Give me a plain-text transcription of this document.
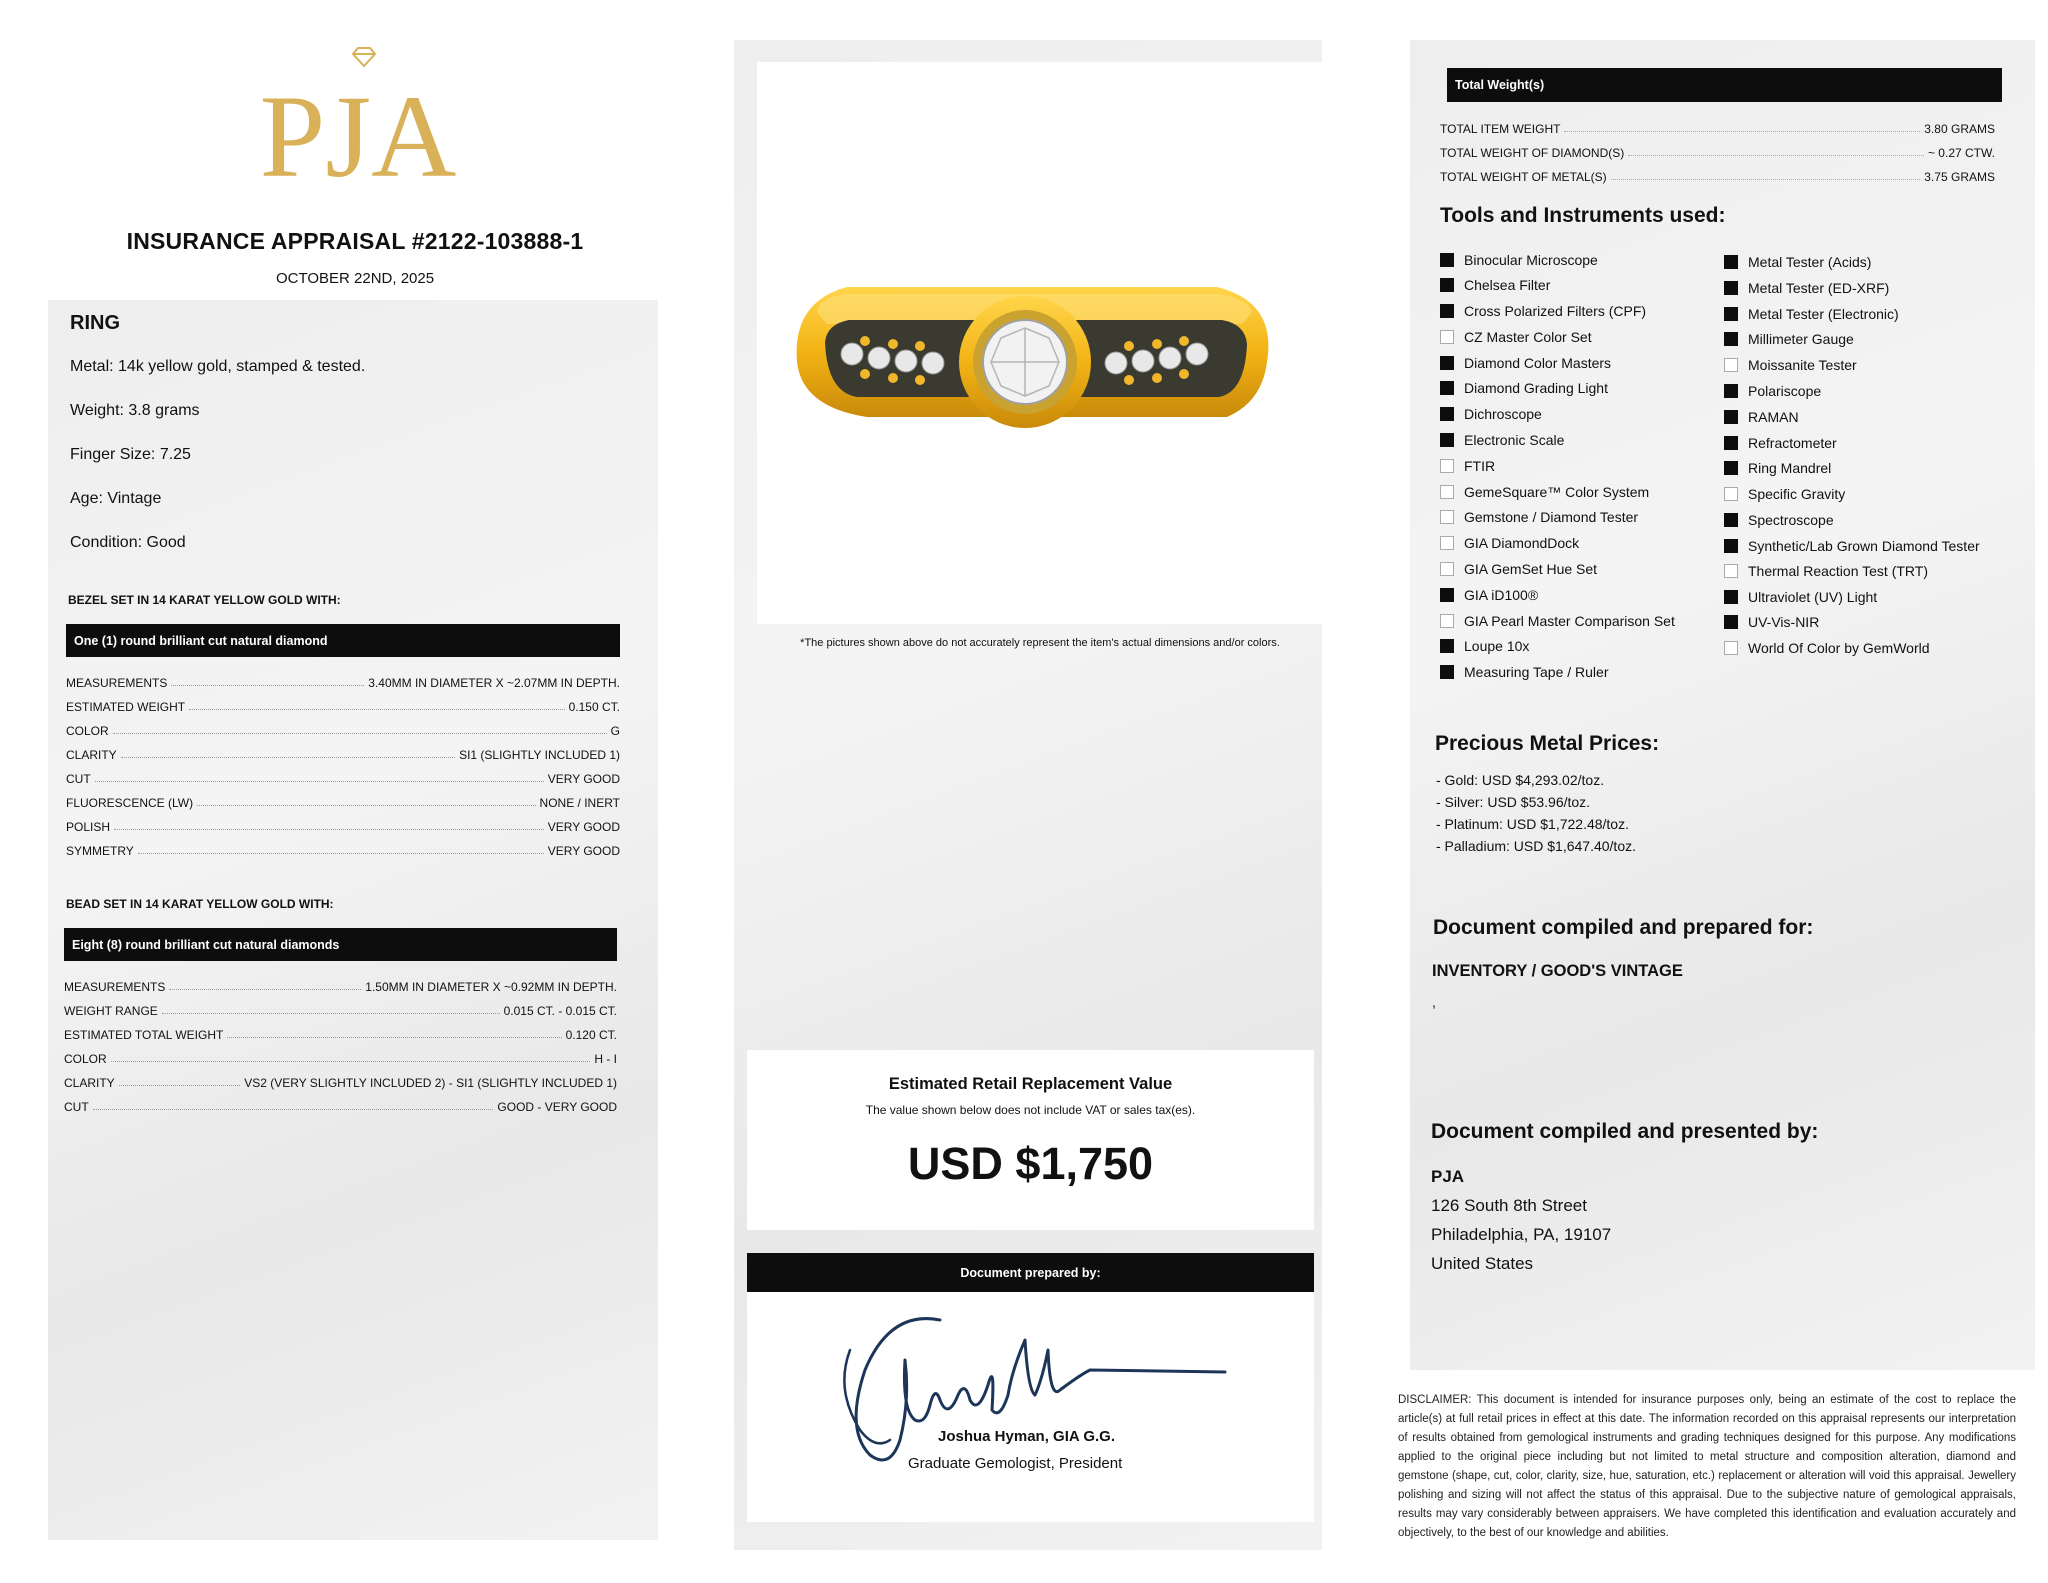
PJA
INSURANCE APPRAISAL #2122-103888-1
OCTOBER 22ND, 2025
RING
Metal: 14k yellow gold, stamped & tested.
Weight: 3.8 grams
Finger Size: 7.25
Age: Vintage
Condition: Good
BEZEL SET IN 14 KARAT YELLOW GOLD WITH:
One (1) round brilliant cut natural diamond
MEASUREMENTS	3.40MM IN DIAMETER X ~2.07MM IN DEPTH.
ESTIMATED WEIGHT	0.150 CT.
COLOR	G
CLARITY	SI1 (SLIGHTLY INCLUDED 1)
CUT	VERY GOOD
FLUORESCENCE (LW)	NONE / INERT
POLISH	VERY GOOD
SYMMETRY	VERY GOOD
BEAD SET IN 14 KARAT YELLOW GOLD WITH:
Eight (8) round brilliant cut natural diamonds
MEASUREMENTS	1.50MM IN DIAMETER X ~0.92MM IN DEPTH.
WEIGHT RANGE	0.015 CT. - 0.015 CT.
ESTIMATED TOTAL WEIGHT	0.120 CT.
COLOR	H - I
CLARITY	VS2 (VERY SLIGHTLY INCLUDED 2) - SI1 (SLIGHTLY INCLUDED 1)
CUT	GOOD - VERY GOOD
*The pictures shown above do not accurately represent the item's actual dimensions and/or colors.
Estimated Retail Replacement Value
The value shown below does not include VAT or sales tax(es).
USD $1,750
Document prepared by:
Joshua Hyman, GIA G.G.
Graduate Gemologist, President
Total Weight(s)
TOTAL ITEM WEIGHT	3.80 GRAMS
TOTAL WEIGHT OF DIAMOND(S)	~ 0.27 CTW.
TOTAL WEIGHT OF METAL(S)	3.75 GRAMS
Tools and Instruments used:
Binocular Microscope
Chelsea Filter
Cross Polarized Filters (CPF)
CZ Master Color Set
Diamond Color Masters
Diamond Grading Light
Dichroscope
Electronic Scale
FTIR
GemeSquare™ Color System
Gemstone / Diamond Tester
GIA DiamondDock
GIA GemSet Hue Set
GIA iD100®
GIA Pearl Master Comparison Set
Loupe 10x
Measuring Tape / Ruler
Metal Tester (Acids)
Metal Tester (ED-XRF)
Metal Tester (Electronic)
Millimeter Gauge
Moissanite Tester
Polariscope
RAMAN
Refractometer
Ring Mandrel
Specific Gravity
Spectroscope
Synthetic/Lab Grown Diamond Tester
Thermal Reaction Test (TRT)
Ultraviolet (UV) Light
UV-Vis-NIR
World Of Color by GemWorld
Precious Metal Prices:
- Gold: USD $4,293.02/toz.
- Silver: USD $53.96/toz.
- Platinum: USD $1,722.48/toz.
- Palladium: USD $1,647.40/toz.
Document compiled and prepared for:
INVENTORY / GOOD'S VINTAGE
,
Document compiled and presented by:
PJA
126 South 8th Street
Philadelphia, PA, 19107
United States
DISCLAIMER: This document is intended for insurance purposes only, being an estimate of the cost to replace the article(s) at full retail prices in effect at this date. The information recorded on this appraisal represents our interpretation of results obtained from gemological instruments and grading techniques designed for this purpose. Any modifications applied to the original piece including but not limited to metal structure and composition alteration, diamond and gemstone (shape, cut, color, clarity, size, hue, saturation, etc.) replacement or alteration will void this appraisal. Jewellery polishing and sizing will not affect the status of this appraisal. Due to the subjective nature of gemological appraisals, results may vary considerably between appraisers. We have completed this identification and evaluation accurately and objectively, to the best of our knowledge and abilities.
